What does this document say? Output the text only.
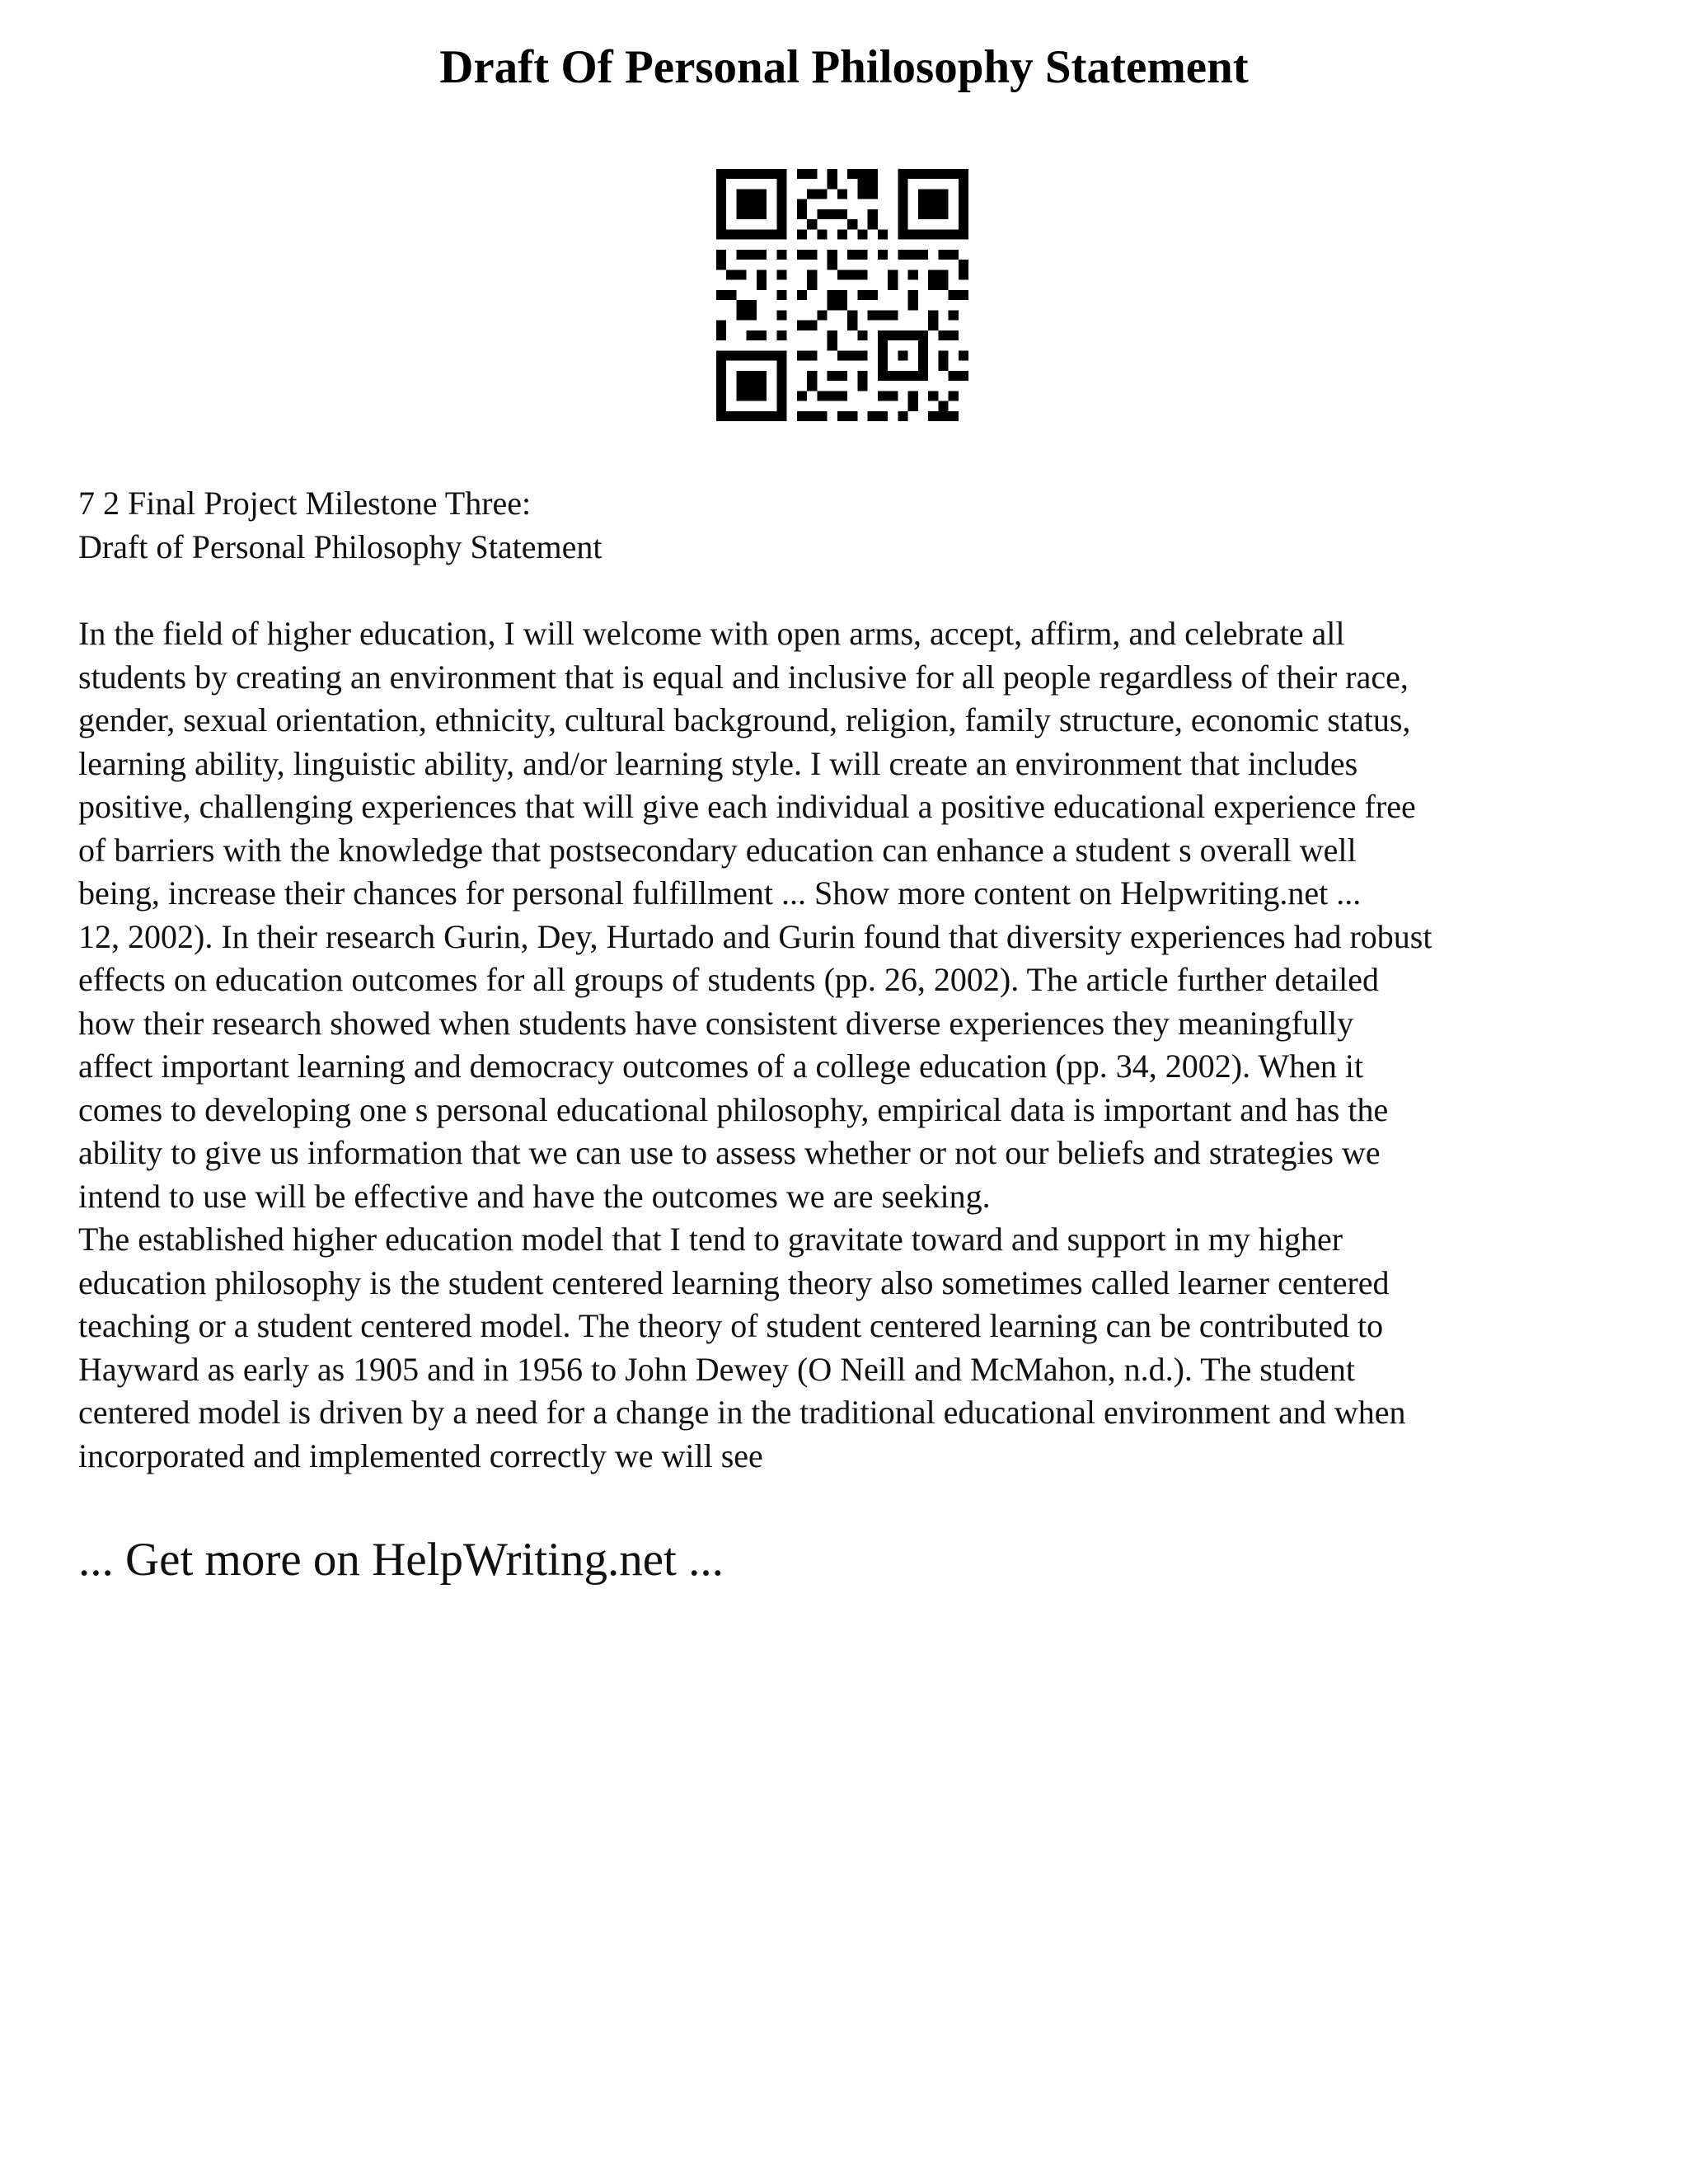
Draft Of Personal Philosophy Statement
7 2 Final Project Milestone Three:
Draft of Personal Philosophy Statement

In the field of higher education, I will welcome with open arms, accept, affirm, and celebrate all
students by creating an environment that is equal and inclusive for all people regardless of their race,
gender, sexual orientation, ethnicity, cultural background, religion, family structure, economic status,
learning ability, linguistic ability, and/or learning style. I will create an environment that includes
positive, challenging experiences that will give each individual a positive educational experience free
of barriers with the knowledge that postsecondary education can enhance a student s overall well
being, increase their chances for personal fulfillment ... Show more content on Helpwriting.net ...
12, 2002). In their research Gurin, Dey, Hurtado and Gurin found that diversity experiences had robust
effects on education outcomes for all groups of students (pp. 26, 2002). The article further detailed
how their research showed when students have consistent diverse experiences they meaningfully
affect important learning and democracy outcomes of a college education (pp. 34, 2002). When it
comes to developing one s personal educational philosophy, empirical data is important and has the
ability to give us information that we can use to assess whether or not our beliefs and strategies we
intend to use will be effective and have the outcomes we are seeking.

The established higher education model that I tend to gravitate toward and support in my higher
education philosophy is the student centered learning theory also sometimes called learner centered
teaching or a student centered model. The theory of student centered learning can be contributed to
Hayward as early as 1905 and in 1956 to John Dewey (O Neill and McMahon, n.d.). The student
centered model is driven by a need for a change in the traditional educational environment and when
incorporated and implemented correctly we will see

... Get more on HelpWriting.net ...
